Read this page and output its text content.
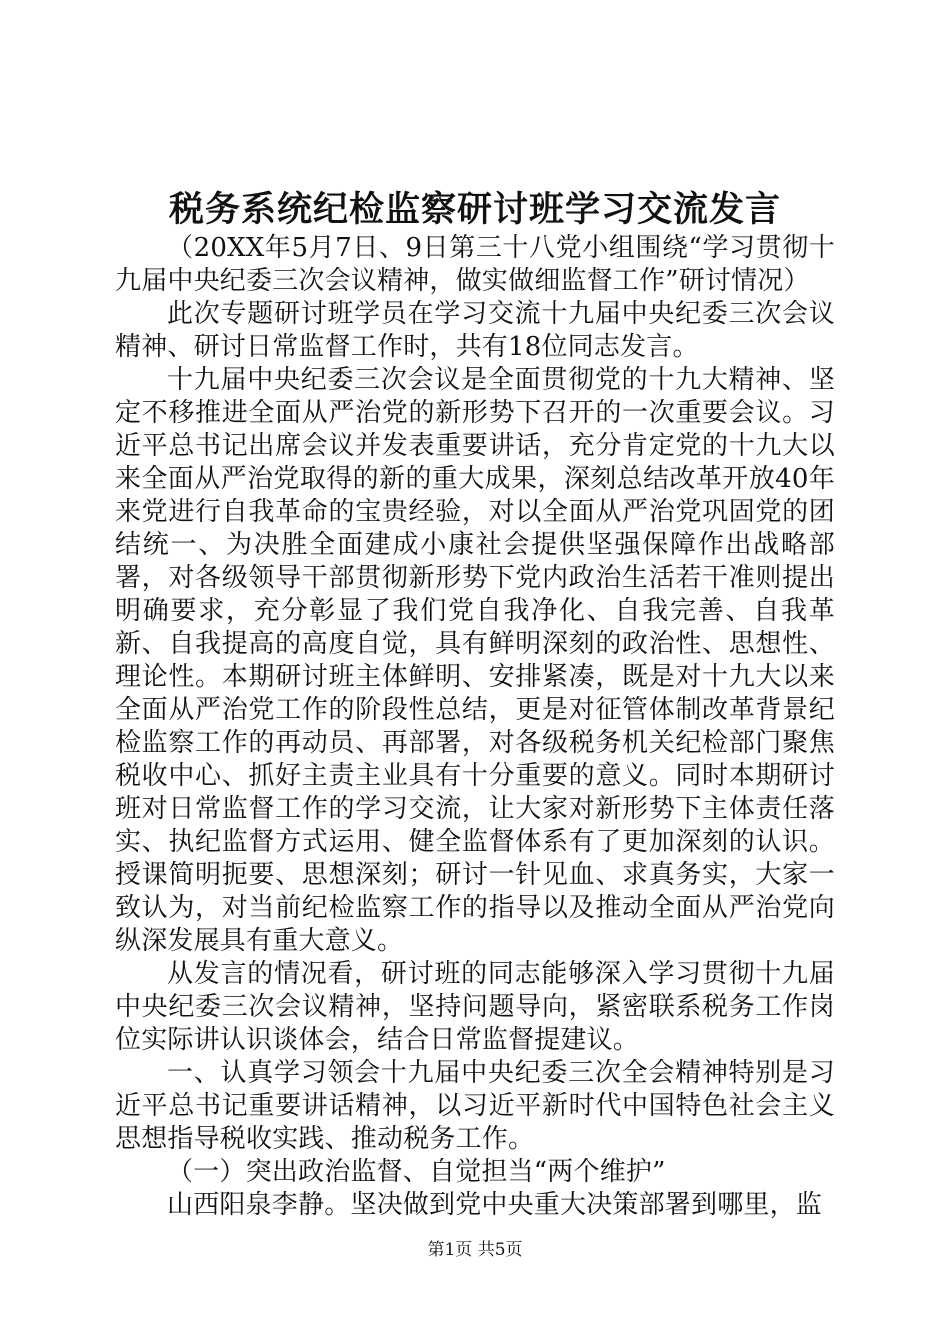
税务系统纪检监察研讨班学习交流发言

（20XX年5月7日、9日第三十八党小组围绕“学习贯彻十九届中央纪委三次会议精神，做实做细监督工作”研讨情况）

此次专题研讨班学员在学习交流十九届中央纪委三次会议精神、研讨日常监督工作时，共有18位同志发言。

十九届中央纪委三次会议是全面贯彻党的十九大精神、坚定不移推进全面从严治党的新形势下召开的一次重要会议。习近平总书记出席会议并发表重要讲话，充分肯定党的十九大以来全面从严治党取得的新的重大成果，深刻总结改革开放40年来党进行自我革命的宝贵经验，对以全面从严治党巩固党的团结统一、为决胜全面建成小康社会提供坚强保障作出战略部署，对各级领导干部贯彻新形势下党内政治生活若干准则提出明确要求，充分彰显了我们党自我净化、自我完善、自我革新、自我提高的高度自觉，具有鲜明深刻的政治性、思想性、理论性。本期研讨班主体鲜明、安排紧凑，既是对十九大以来全面从严治党工作的阶段性总结，更是对征管体制改革背景纪检监察工作的再动员、再部署，对各级税务机关纪检部门聚焦税收中心、抓好主责主业具有十分重要的意义。同时本期研讨班对日常监督工作的学习交流，让大家对新形势下主体责任落实、执纪监督方式运用、健全监督体系有了更加深刻的认识。授课简明扼要、思想深刻；研讨一针见血、求真务实，大家一致认为，对当前纪检监察工作的指导以及推动全面从严治党向纵深发展具有重大意义。

从发言的情况看，研讨班的同志能够深入学习贯彻十九届中央纪委三次会议精神，坚持问题导向，紧密联系税务工作岗位实际讲认识谈体会，结合日常监督提建议。

一、认真学习领会十九届中央纪委三次全会精神特别是习近平总书记重要讲话精神，以习近平新时代中国特色社会主义思想指导税收实践、推动税务工作。

（一）突出政治监督、自觉担当“两个维护”

山西阳泉李静。坚决做到党中央重大决策部署到哪里，监

第1页 共5页
